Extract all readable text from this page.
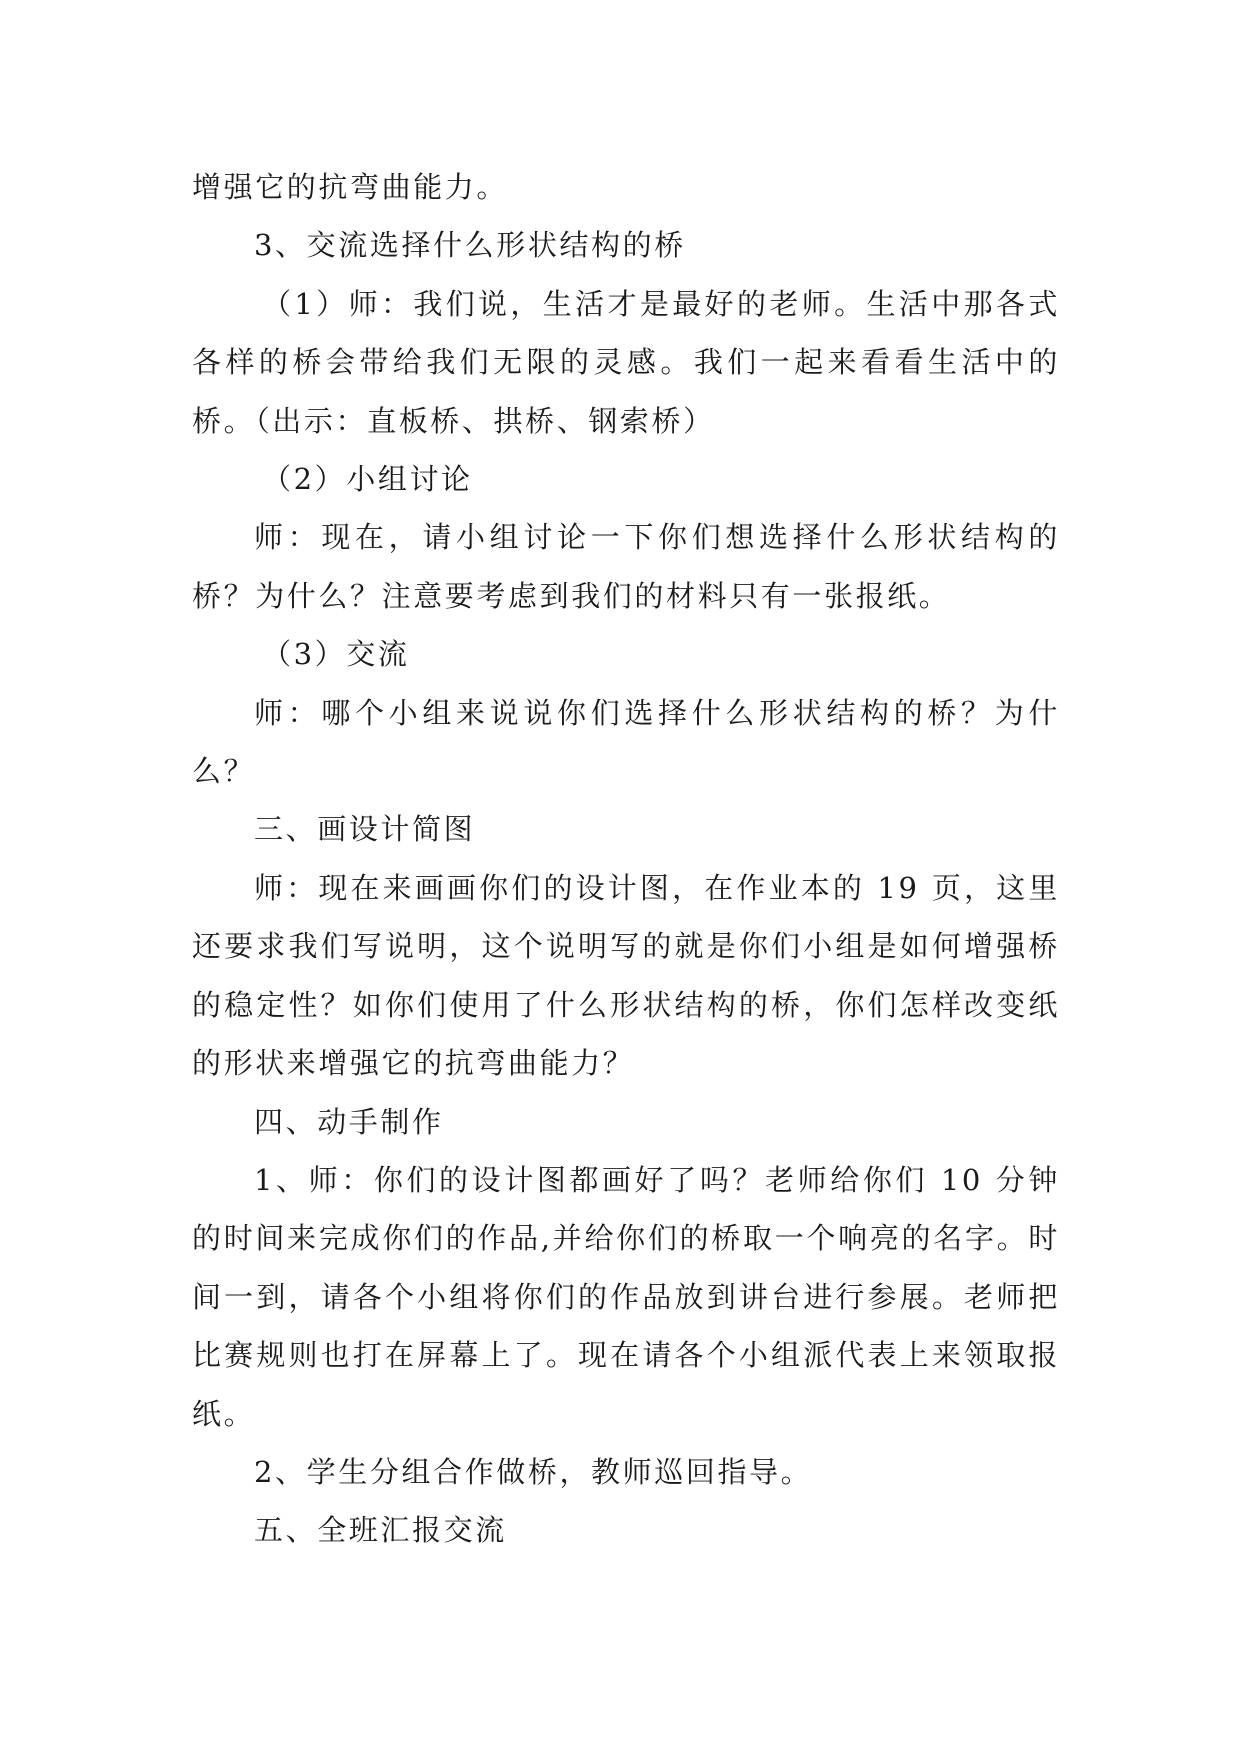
增强它的抗弯曲能力。

3、交流选择什么形状结构的桥

（1）师：我们说，生活才是最好的老师。生活中那各式各样的桥会带给我们无限的灵感。我们一起来看看生活中的桥。（出示：直板桥、拱桥、钢索桥）

（2）小组讨论

师：现在，请小组讨论一下你们想选择什么形状结构的桥？为什么？注意要考虑到我们的材料只有一张报纸。

（3）交流

师：哪个小组来说说你们选择什么形状结构的桥？为什么？

三、画设计简图

师：现在来画画你们的设计图，在作业本的 19 页，这里还要求我们写说明，这个说明写的就是你们小组是如何增强桥的稳定性？如你们使用了什么形状结构的桥，你们怎样改变纸的形状来增强它的抗弯曲能力？

四、动手制作

1、师：你们的设计图都画好了吗？老师给你们 10 分钟的时间来完成你们的作品,并给你们的桥取一个响亮的名字。时间一到，请各个小组将你们的作品放到讲台进行参展。老师把比赛规则也打在屏幕上了。现在请各个小组派代表上来领取报纸。

2、学生分组合作做桥，教师巡回指导。

五、全班汇报交流
